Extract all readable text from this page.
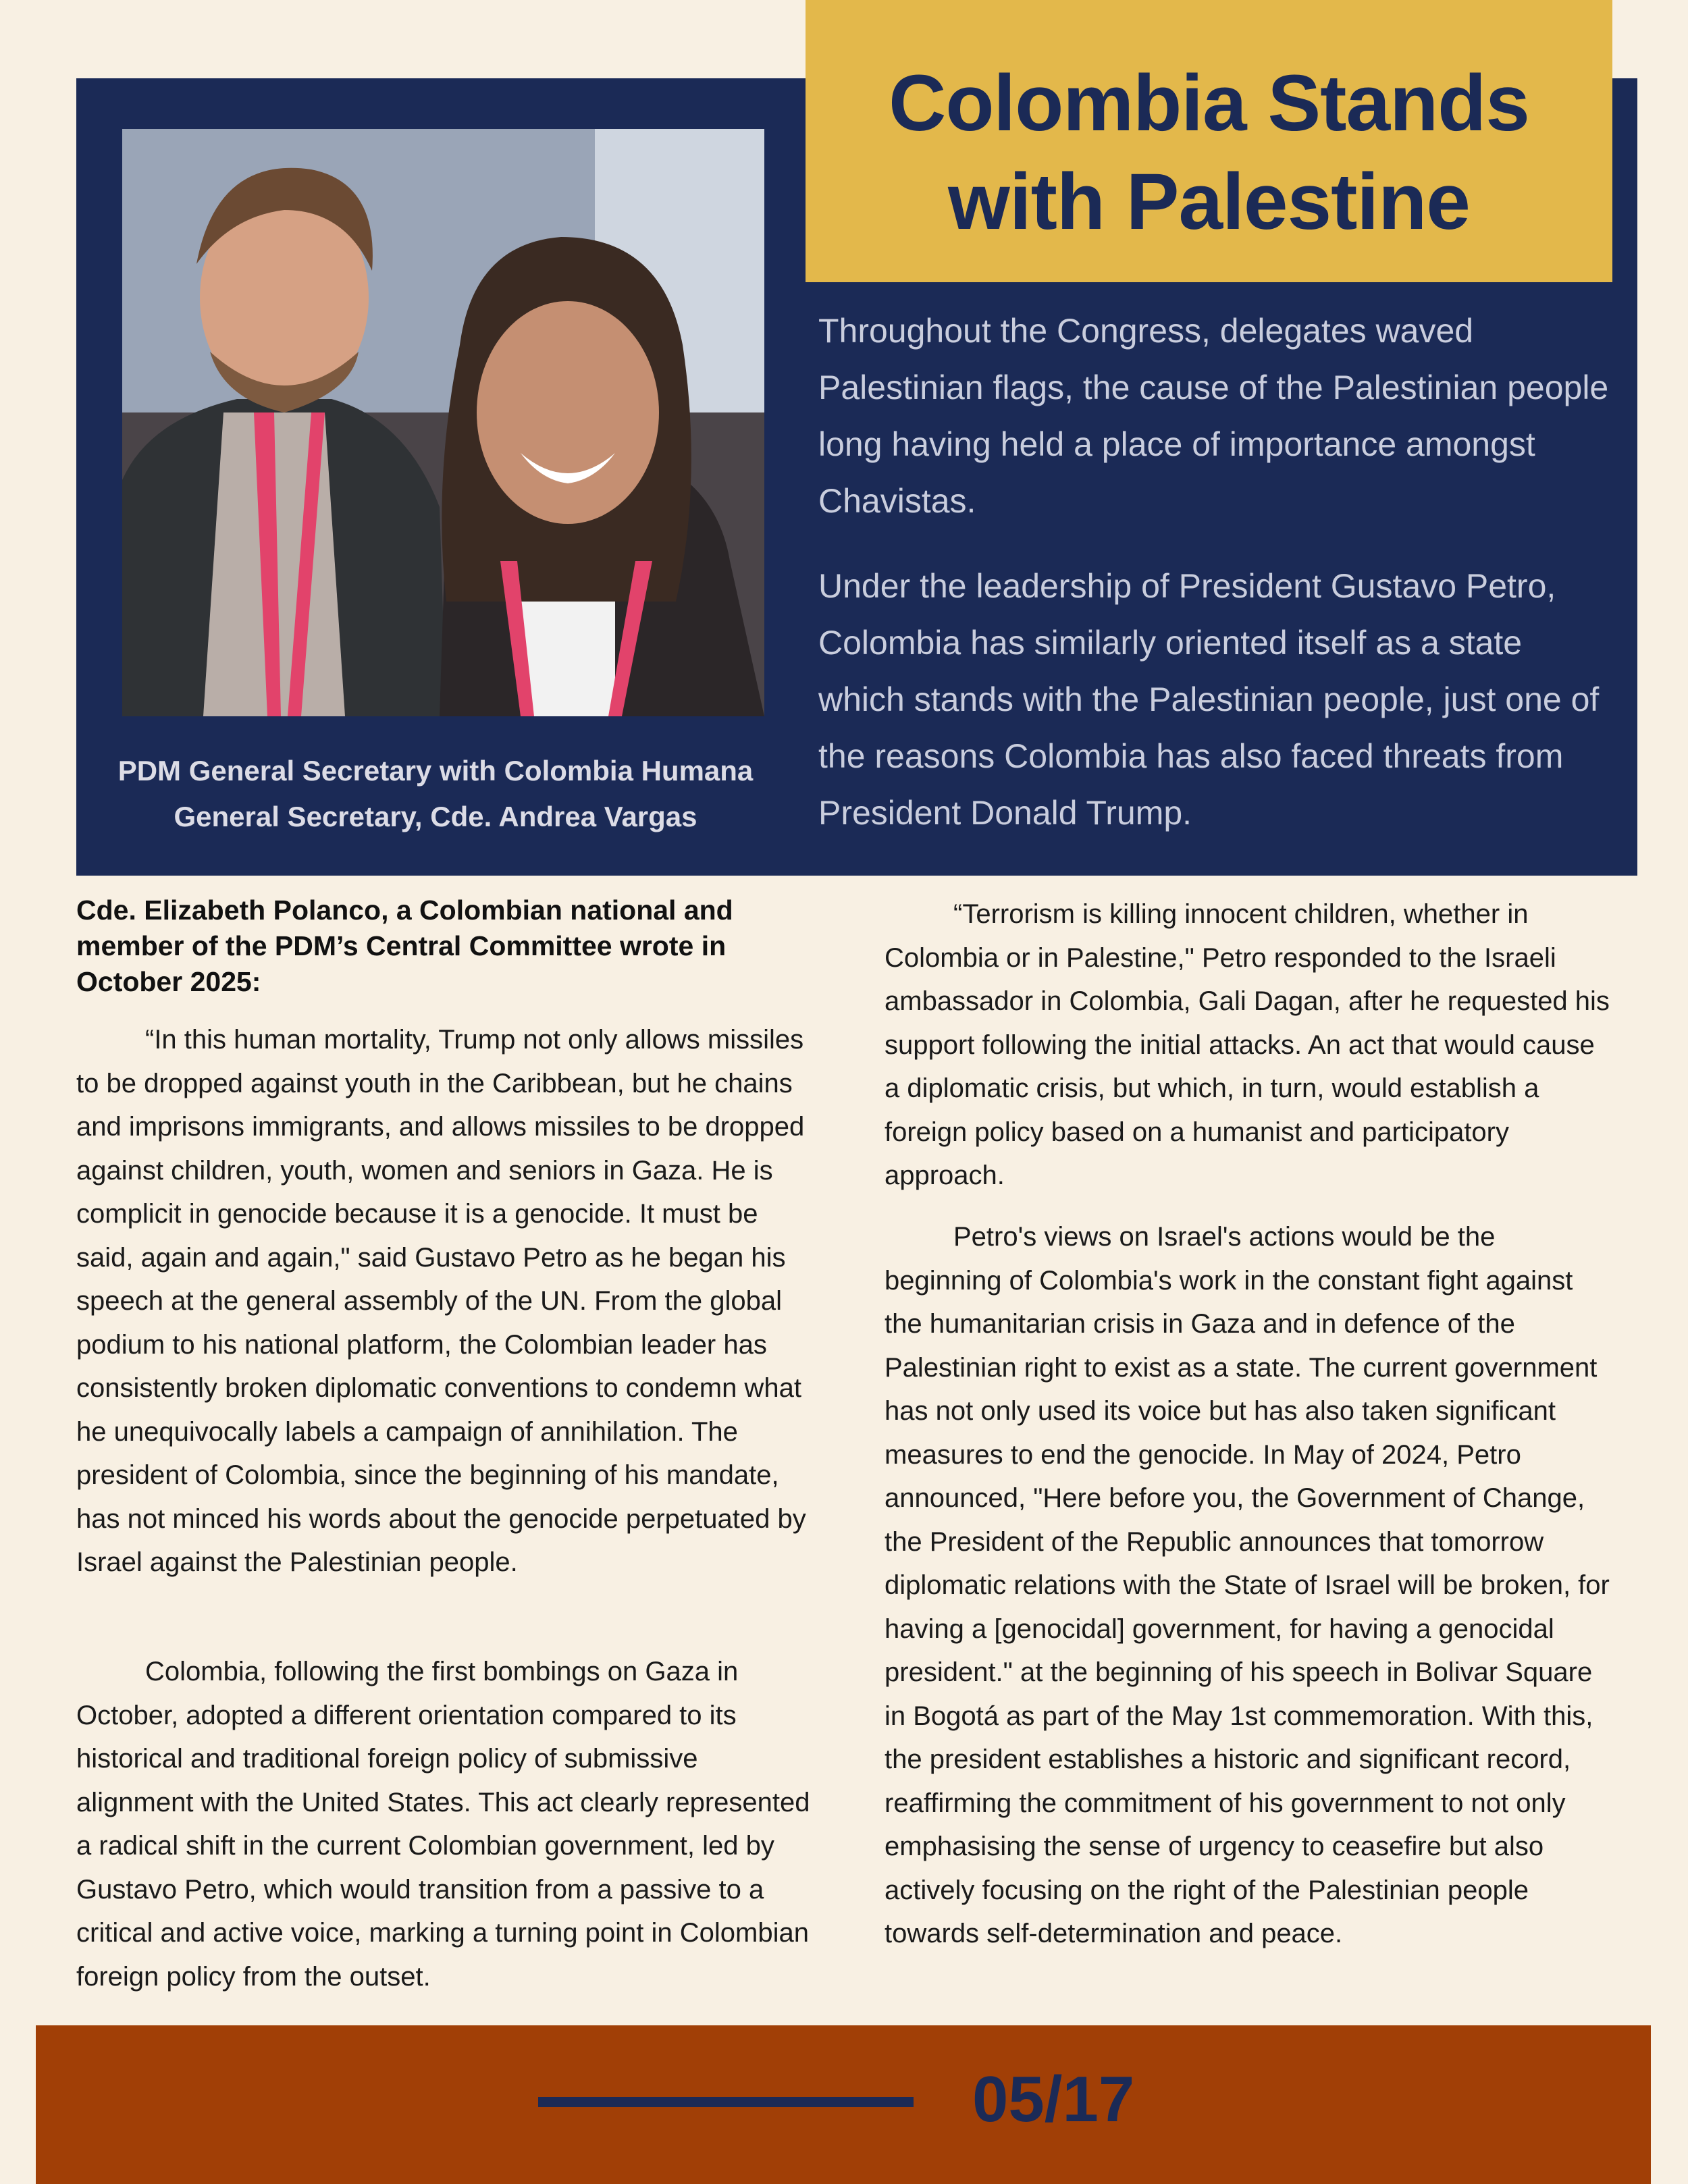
PDM General Secretary with Colombia Humana
General Secretary, Cde. Andrea Vargas
Colombia Stands
with Palestine

Throughout the Congress, delegates waved Palestinian flags, the cause of the Palestinian people long having held a place of importance amongst Chavistas.

Under the leadership of President Gustavo Petro, Colombia has similarly oriented itself as a state which stands with the Palestinian people, just one of the reasons Colombia has also faced threats from President Donald Trump.

Cde. Elizabeth Polanco, a Colombian national and member of the PDM’s Central Committee wrote in October 2025:

“In this human mortality, Trump not only allows missiles to be dropped against youth in the Caribbean, but he chains and imprisons immigrants, and allows missiles to be dropped against children, youth, women and seniors in Gaza. He is complicit in genocide because it is a genocide. It must be said, again and again," said Gustavo Petro as he began his speech at the general assembly of the UN. From the global podium to his national platform, the Colombian leader has consistently broken diplomatic conventions to condemn what he unequivocally labels a campaign of annihilation. The president of Colombia, since the beginning of his mandate, has not minced his words about the genocide perpetuated by Israel against the Palestinian people.

Colombia, following the first bombings on Gaza in October, adopted a different orientation compared to its historical and traditional foreign policy of submissive alignment with the United States. This act clearly represented a radical shift in the current Colombian government, led by Gustavo Petro, which would transition from a passive to a critical and active voice, marking a turning point in Colombian foreign policy from the outset.

“Terrorism is killing innocent children, whether in Colombia or in Palestine," Petro responded to the Israeli ambassador in Colombia, Gali Dagan, after he requested his support following the initial attacks. An act that would cause a diplomatic crisis, but which, in turn, would establish a foreign policy based on a humanist and participatory approach.

Petro's views on Israel's actions would be the beginning of Colombia's work in the constant fight against the humanitarian crisis in Gaza and in defence of the Palestinian right to exist as a state. The current government has not only used its voice but has also taken significant measures to end the genocide. In May of 2024, Petro announced, "Here before you, the Government of Change, the President of the Republic announces that tomorrow diplomatic relations with the State of Israel will be broken, for having a [genocidal] government, for having a genocidal president." at the beginning of his speech in Bolivar Square in Bogotá as part of the May 1st commemoration. With this, the president establishes a historic and significant record, reaffirming the commitment of his government to not only emphasising the sense of urgency to ceasefire but also actively focusing on the right of the Palestinian people towards self-determination and peace.

05/17
